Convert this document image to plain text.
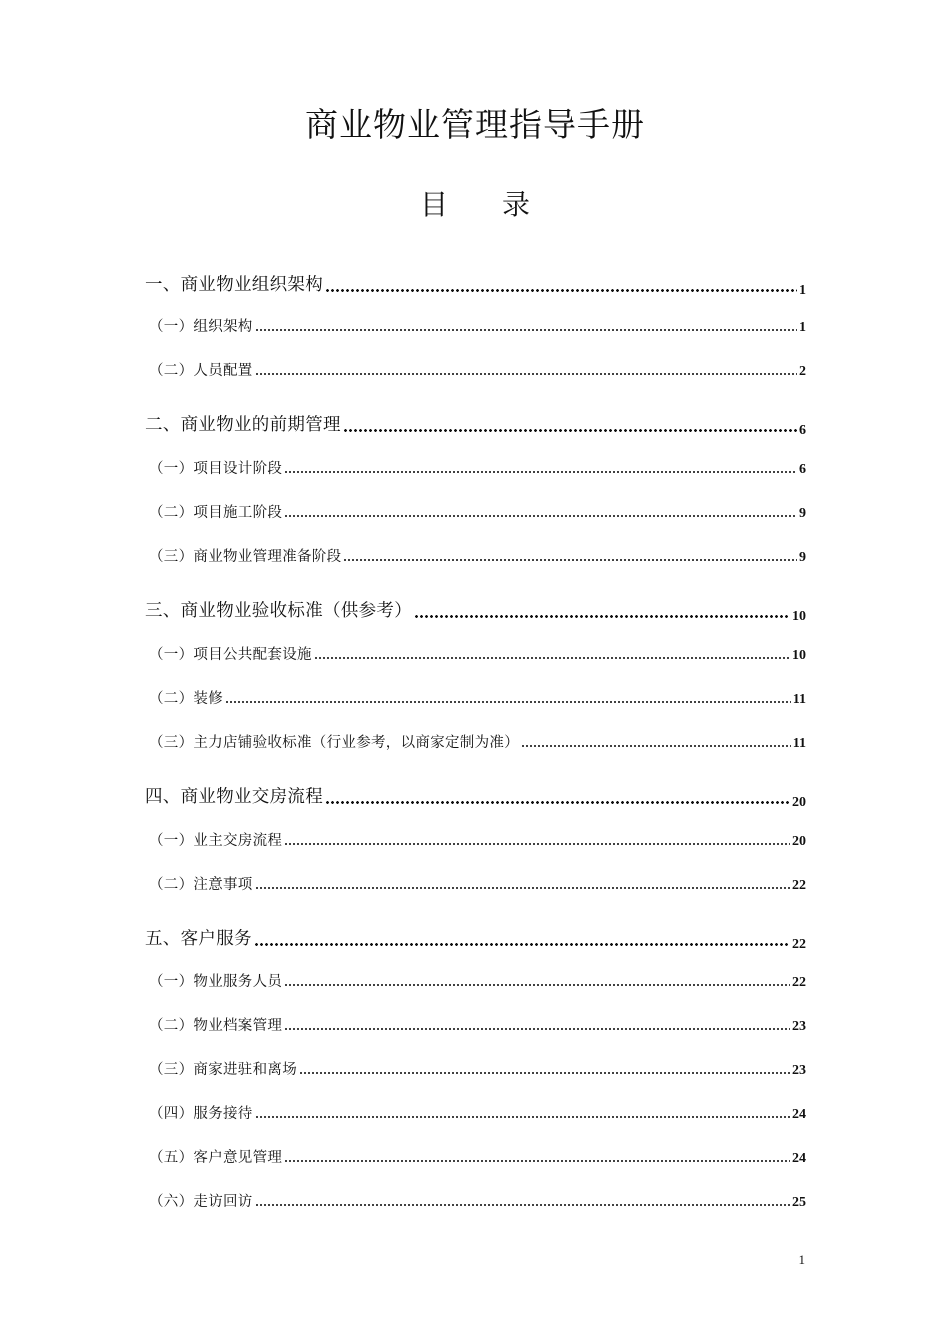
商业物业管理指导手册
目 录
一、商业物业组织架构	1
（一）组织架构	1
（二）人员配置	2
二、商业物业的前期管理	6
（一）项目设计阶段	6
（二）项目施工阶段	9
（三）商业物业管理准备阶段	9
三、商业物业验收标准（供参考）	10
（一）项目公共配套设施	10
（二）装修	11
（三）主力店铺验收标准（行业参考，以商家定制为准）	11
四、商业物业交房流程	20
（一）业主交房流程	20
（二）注意事项	22
五、客户服务	22
（一）物业服务人员	22
（二）物业档案管理	23
（三）商家进驻和离场	23
（四）服务接待	24
（五）客户意见管理	24
（六）走访回访	25
1
